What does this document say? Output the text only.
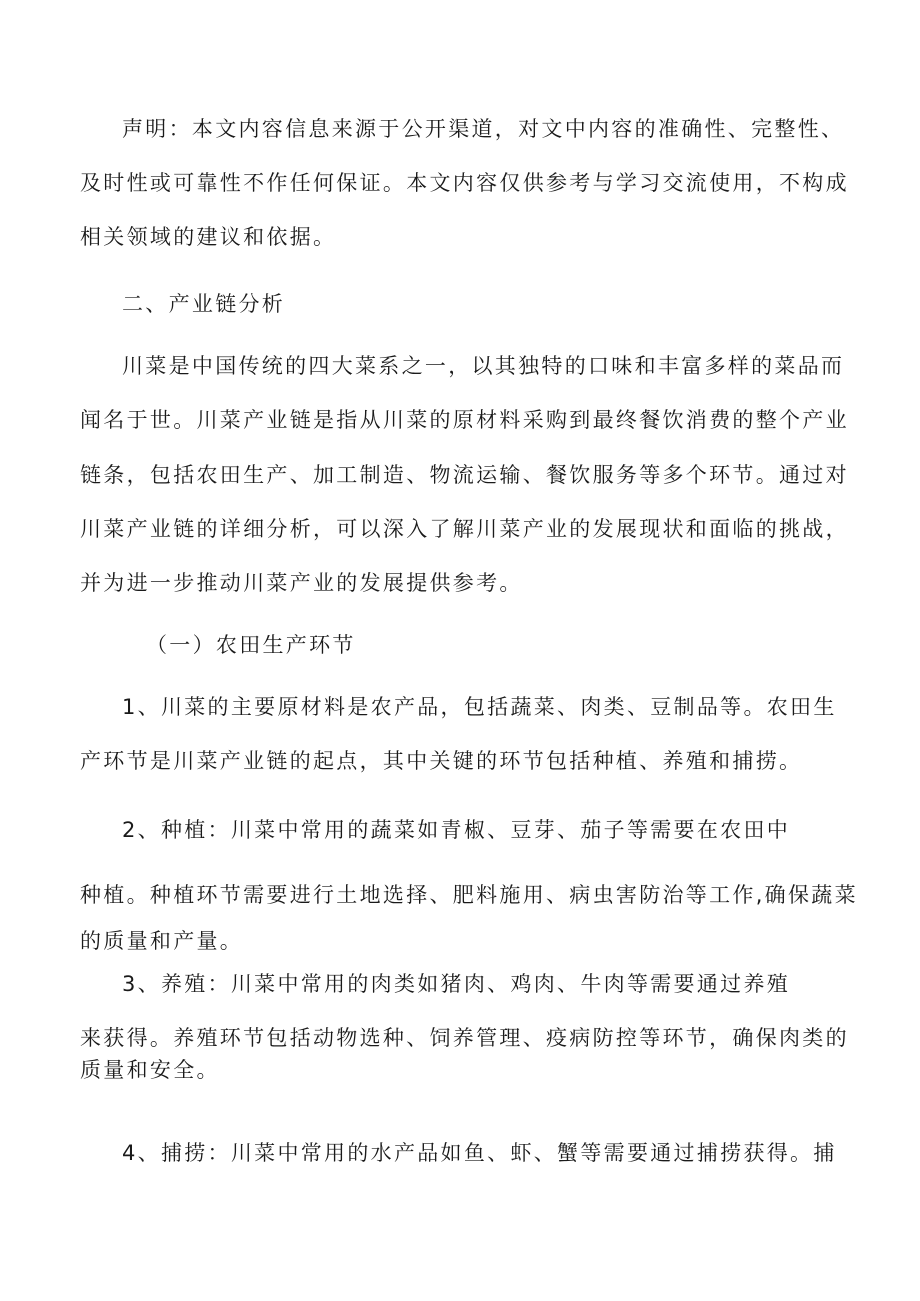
声明：本文内容信息来源于公开渠道，对文中内容的准确性、完整性、

及时性或可靠性不作任何保证。本文内容仅供参考与学习交流使用，不构成

相关领域的建议和依据。

二、产业链分析

川菜是中国传统的四大菜系之一，以其独特的口味和丰富多样的菜品而

闻名于世。川菜产业链是指从川菜的原材料采购到最终餐饮消费的整个产业

链条，包括农田生产、加工制造、物流运输、餐饮服务等多个环节。通过对

川菜产业链的详细分析，可以深入了解川菜产业的发展现状和面临的挑战，

并为进一步推动川菜产业的发展提供参考。

（一）农田生产环节

1、川菜的主要原材料是农产品，包括蔬菜、肉类、豆制品等。农田生

产环节是川菜产业链的起点，其中关键的环节包括种植、养殖和捕捞。

2、种植：川菜中常用的蔬菜如青椒、豆芽、茄子等需要在农田中

种植。种植环节需要进行土地选择、肥料施用、病虫害防治等工作,确保蔬菜

的质量和产量。

3、养殖：川菜中常用的肉类如猪肉、鸡肉、牛肉等需要通过养殖

来获得。养殖环节包括动物选种、饲养管理、疫病防控等环节，确保肉类的

质量和安全。

4、捕捞：川菜中常用的水产品如鱼、虾、蟹等需要通过捕捞获得。捕
